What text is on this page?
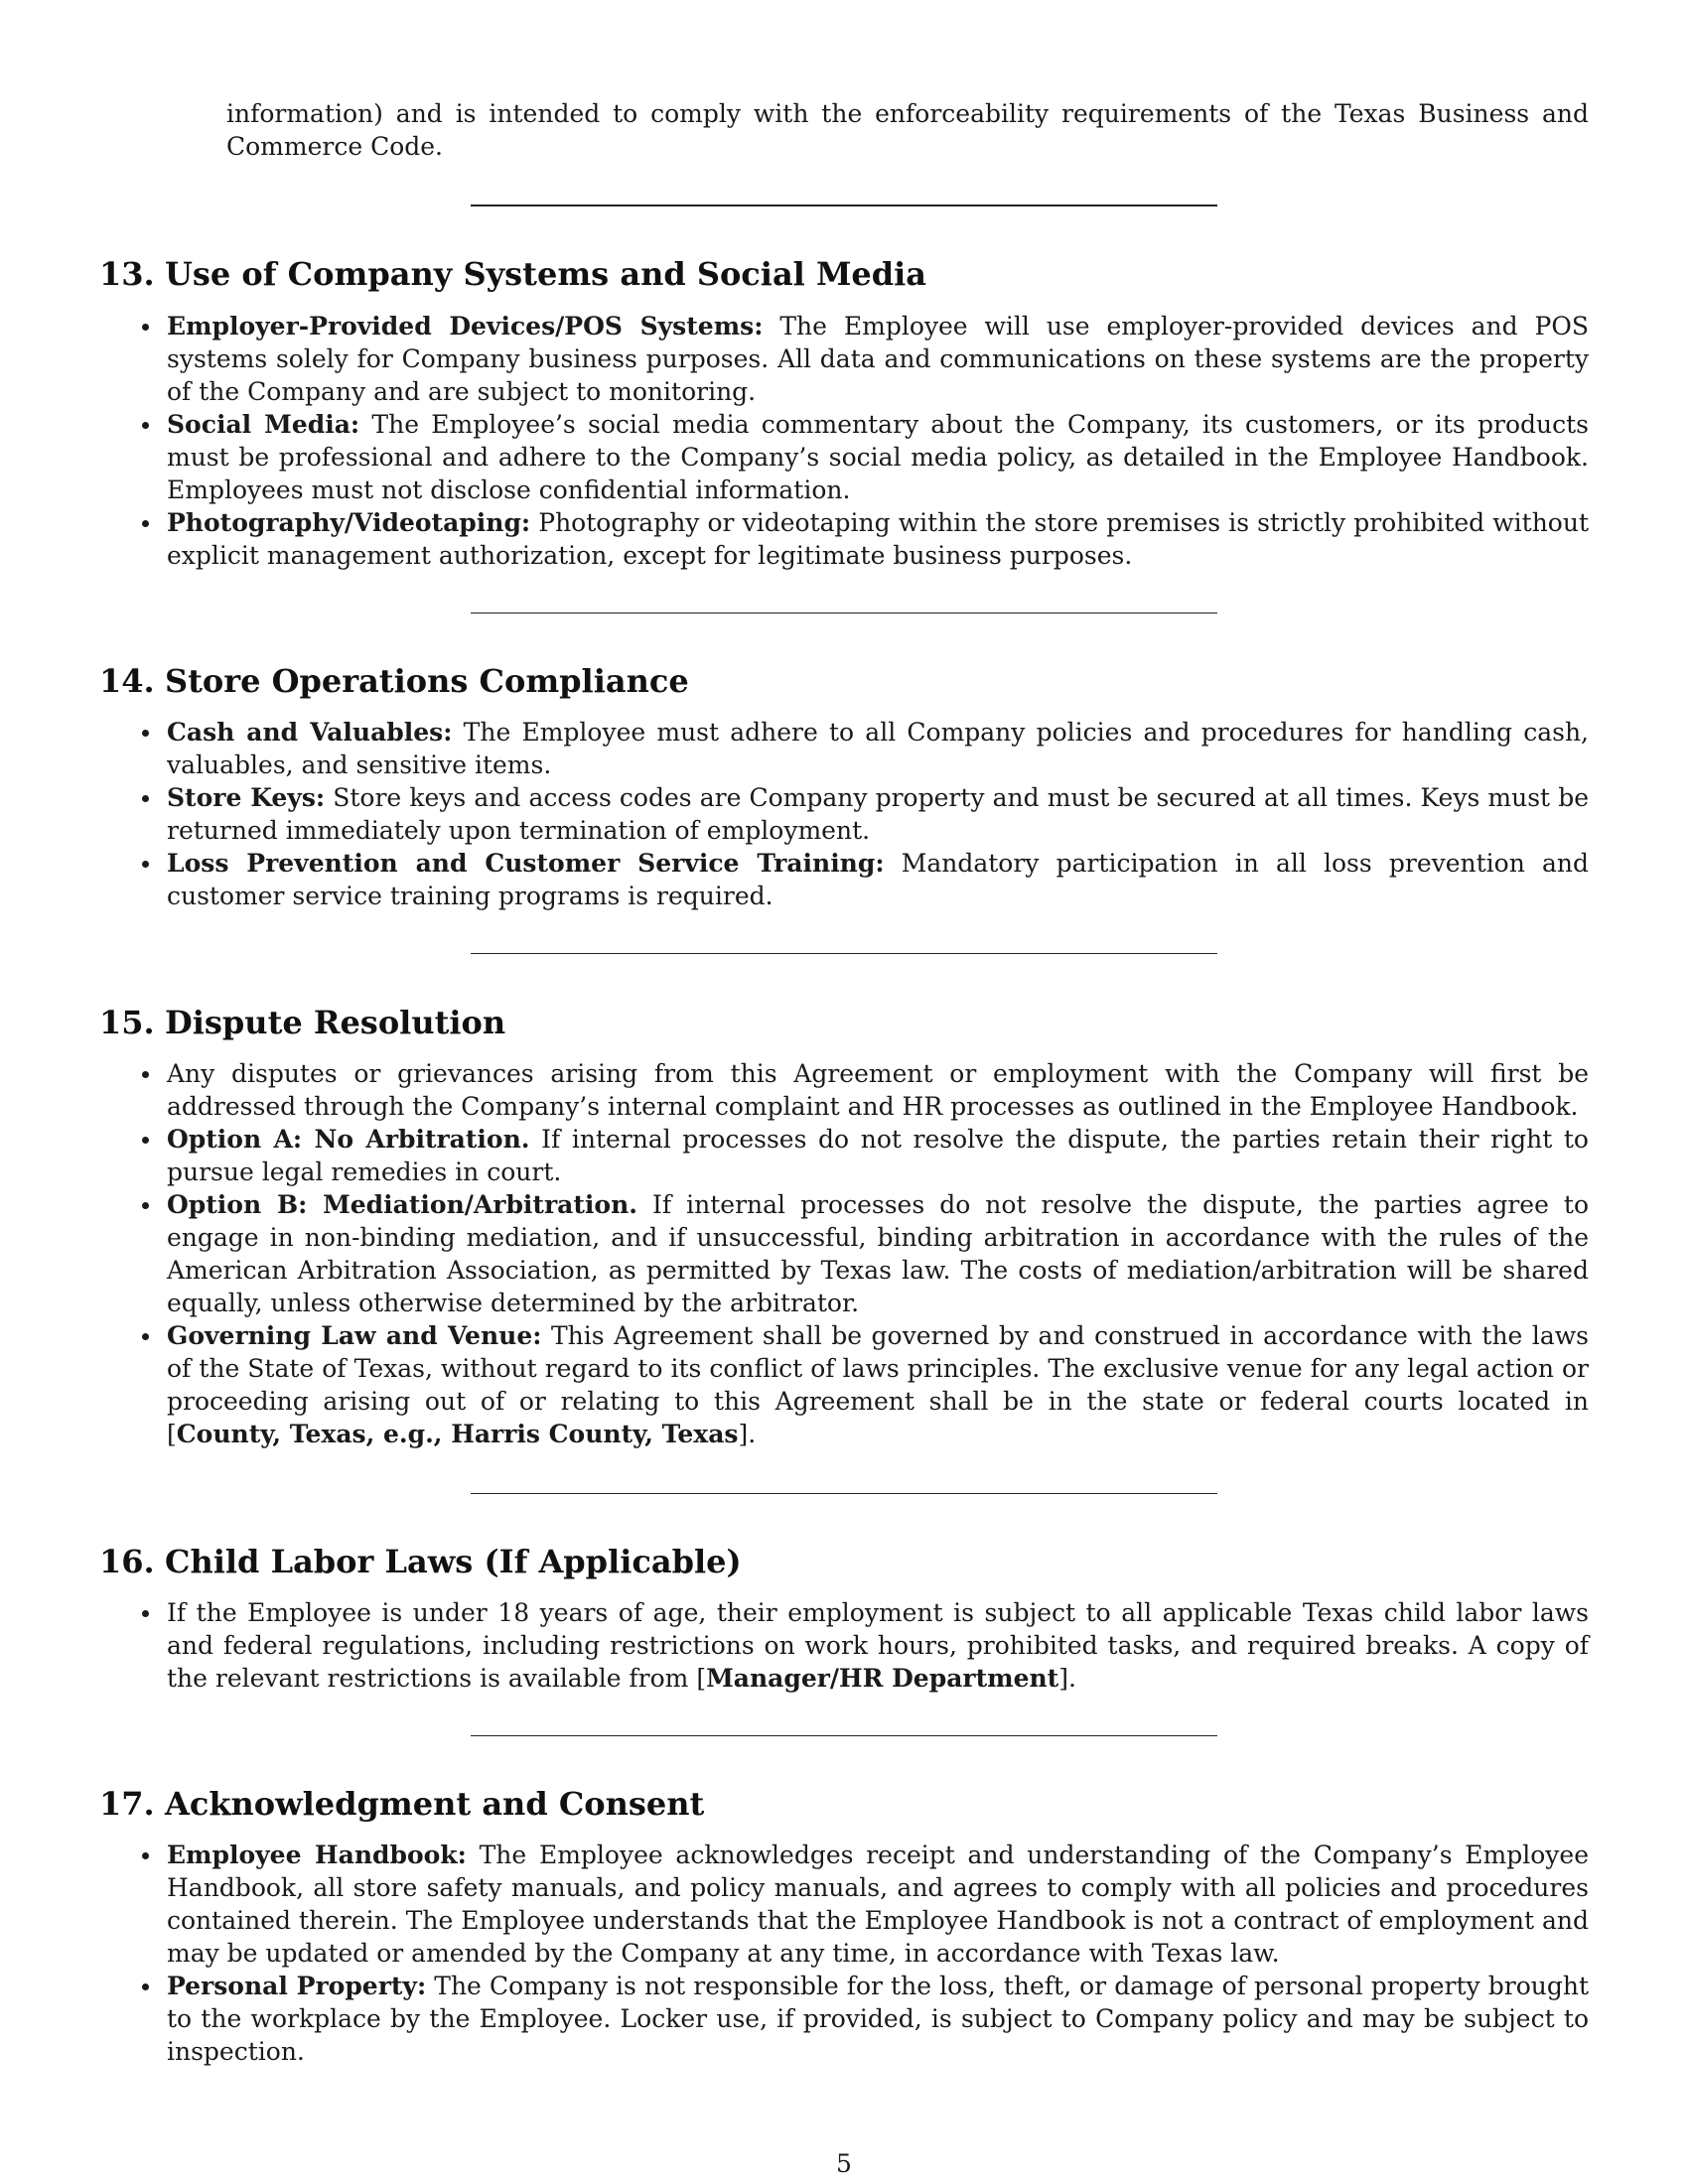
information) and is intended to comply with the enforceability requirements of the Texas Business and Commerce Code.

13. Use of Company Systems and Social Media
Employer-Provided Devices/POS Systems: The Employee will use employer-provided devices and POS systems solely for Company business purposes. All data and communications on these systems are the property of the Company and are subject to monitoring.
Social Media: The Employee’s social media commentary about the Company, its customers, or its products must be professional and adhere to the Company’s social media policy, as detailed in the Employee Handbook. Employees must not disclose confidential information.
Photography/Videotaping: Photography or videotaping within the store premises is strictly prohibited without explicit management authorization, except for legitimate business purposes.
14. Store Operations Compliance
Cash and Valuables: The Employee must adhere to all Company policies and procedures for handling cash, valuables, and sensitive items.
Store Keys: Store keys and access codes are Company property and must be secured at all times. Keys must be returned immediately upon termination of employment.
Loss Prevention and Customer Service Training: Mandatory participation in all loss prevention and customer service training programs is required.
15. Dispute Resolution
Any disputes or grievances arising from this Agreement or employment with the Company will first be addressed through the Company’s internal complaint and HR processes as outlined in the Employee Handbook.
Option A: No Arbitration. If internal processes do not resolve the dispute, the parties retain their right to pursue legal remedies in court.
Option B: Mediation/Arbitration. If internal processes do not resolve the dispute, the parties agree to engage in non-binding mediation, and if unsuccessful, binding arbitration in accordance with the rules of the American Arbitration Association, as permitted by Texas law. The costs of mediation/arbitration will be shared equally, unless otherwise determined by the arbitrator.
Governing Law and Venue: This Agreement shall be governed by and construed in accordance with the laws of the State of Texas, without regard to its conflict of laws principles. The exclusive venue for any legal action or proceeding arising out of or relating to this Agreement shall be in the state or federal courts located in [County, Texas, e.g., Harris County, Texas].
16. Child Labor Laws (If Applicable)
If the Employee is under 18 years of age, their employment is subject to all applicable Texas child labor laws and federal regulations, including restrictions on work hours, prohibited tasks, and required breaks. A copy of the relevant restrictions is available from [Manager/HR Department].
17. Acknowledgment and Consent
Employee Handbook: The Employee acknowledges receipt and understanding of the Company’s Employee Handbook, all store safety manuals, and policy manuals, and agrees to comply with all policies and procedures contained therein. The Employee understands that the Employee Handbook is not a contract of employment and may be updated or amended by the Company at any time, in accordance with Texas law.
Personal Property: The Company is not responsible for the loss, theft, or damage of personal property brought to the workplace by the Employee. Locker use, if provided, is subject to Company policy and may be subject to inspection.
5
